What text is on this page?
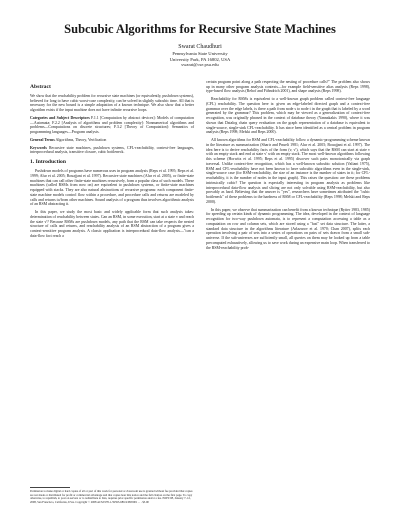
Subcubic Algorithms for Recursive State Machines
Swarat Chaudhuri
Pennsylvania State University
University Park, PA 16802, USA
swarat@cse.psu.edu
Abstract

We show that the reachability problem for recursive state machines (or equivalently, pushdown systems), believed for long to have cubic worst-case complexity, can be solved in slightly subcubic time. All that is necessary for the new bound is a simple adaptation of a known technique. We also show that a better algorithm exists if the input machine does not have infinite recursive loops.

Categories and Subject Descriptors F.1.1 [Computation by abstract devices]: Models of computation—Automata; F.2.2 [Analysis of algorithms and problem complexity]: Nonnumerical algorithms and problems—Computations on discrete structures; F.3.2 [Theory of Computation]: Semantics of programming languages—Program analysis.

General Terms Algorithms, Theory, Verification

Keywords Recursive state machines, pushdown systems, CFL-reachability, context-free languages, interprocedural analysis, transitive closure, cubic bottleneck.

1. Introduction

Pushdown models of programs have numerous uses in program analysis (Reps et al. 1995; Reps et al. 1999; Alur et al. 2005; Bouajjani et al. 1997). Recursive state machines (Alur et al. 2005), or finite-state machines that can call other finite-state machines recursively, form a popular class of such models. These machines (called RSMs from now on) are equivalent to pushdown systems, or finite-state machines equipped with stacks. They are also natural abstractions of recursive programs: each component finite-state machine models control flow within a procedure, and procedure calls and returns are modeled by calls and returns to/from other machines. Sound analysis of a program thus involves algorithmic analysis of an RSM abstracting it.

In this paper, we study the most basic and widely applicable form that such analysis takes: determination of reachability between states. Can an RSM, in some execution, start at a state v and reach the state v'? Because RSMs are pushdown models, any path that the RSM can take respects the nested structure of calls and returns, and reachability analysis of an RSM abstraction of a program gives a context-sensitive program analysis. A classic application is interprocedural data-flow analysis—"can a data-flow fact reach a

certain program point along a path respecting the nesting of procedure calls?" The problem also shows up in many other program analysis contexts—for example field-sensitive alias analysis (Reps 1998), type-based flow analysis (Rehof and Fähndrich 2001), and shape analysis (Reps 1998).

Reachability for RSMs is equivalent to a well-known graph problem called context-free language (CFL) reachability. The question here is: given an edge-labeled directed graph and a context-free grammar over the edge labels, is there a path from node s to node t in the graph that is labeled by a word generated by the grammar? This problem, which may be viewed as a generalization of context-free recognition, was originally phrased in the context of database theory (Yannakakis 1990), where it was shown that Datalog chain query evaluation on the graph representation of a database is equivalent to single-source, single-sink CFL-reachability. It has since been identified as a central problem in program analysis (Reps 1998; Melski and Reps 2000).

All known algorithms for RSM and CFL-reachability follow a dynamic-programming scheme known in the literature as summarization (Sharir and Pnueli 1981; Alur et al. 2005; Bouajjani et al. 1997). The idea here is to derive reachability facts of the form (v, v'), which says that the RSM can start at state v with an empty stack and end at state v' with an empty stack. The most well-known algorithms following this scheme (Horwitz et al. 1995; Reps et al. 1995) discover such pairs monotonically via graph traversal. Unlike context-free recognition, which has a well-known subcubic solution (Valiant 1975), RSM and CFL-reachability have not been known to have subcubic algorithms even in the single-sink, single-source case (for RSM-reachability, the size of an instance is the number of states in it; for CFL-reachability, it is the number of nodes in the input graph). This raises the question: are these problems intrinsically cubic? The question is especially interesting in program analysis as problems like interprocedural data-flow analysis and slicing are not only solvable using RSM-reachability, but also provably as hard. Believing that the answer is "yes", researchers have sometimes attributed the "cubic bottleneck" of these problems to the hardness of RSM or CFL-reachability (Reps 1998; Melski and Reps 2000).

In this paper, we observe that summarization can benefit from a known technique (Rytter 1983, 1985) for speeding up certain kinds of dynamic programming. The idea, developed in the context of language recognition for two-way pushdown automata, is to represent a computation accessing a table as a computation on row and column sets, which are stored using a "fast" set data structure. The latter, a standard data structure in the algorithms literature (Arlazarov et al. 1970; Chan 2007), splits each operation involving a pair of sets into a series of operations on pairs of sets drawn from a small sub-universe. If the sub-universes are sufficiently small, all queries on them may be looked up from a table precomputed exhaustively, allowing us to save work during an expensive main loop. When transferred to the RSM-reachability prob-

Permission to make digital or hard copies of all or part of this work for personal or classroom use is granted without fee provided that copies are not made or distributed for profit or commercial advantage and that copies bear this notice and the full citation on the first page. To copy otherwise, to republish, to post on servers or to redistribute to lists, requires prior specific permission and/or a fee. POPL'08, January 7–12, 2008, San Francisco, California, USA. Copyright © 2008 ACM 978-1-59593-689-9/08/0001 . . . $5.00
